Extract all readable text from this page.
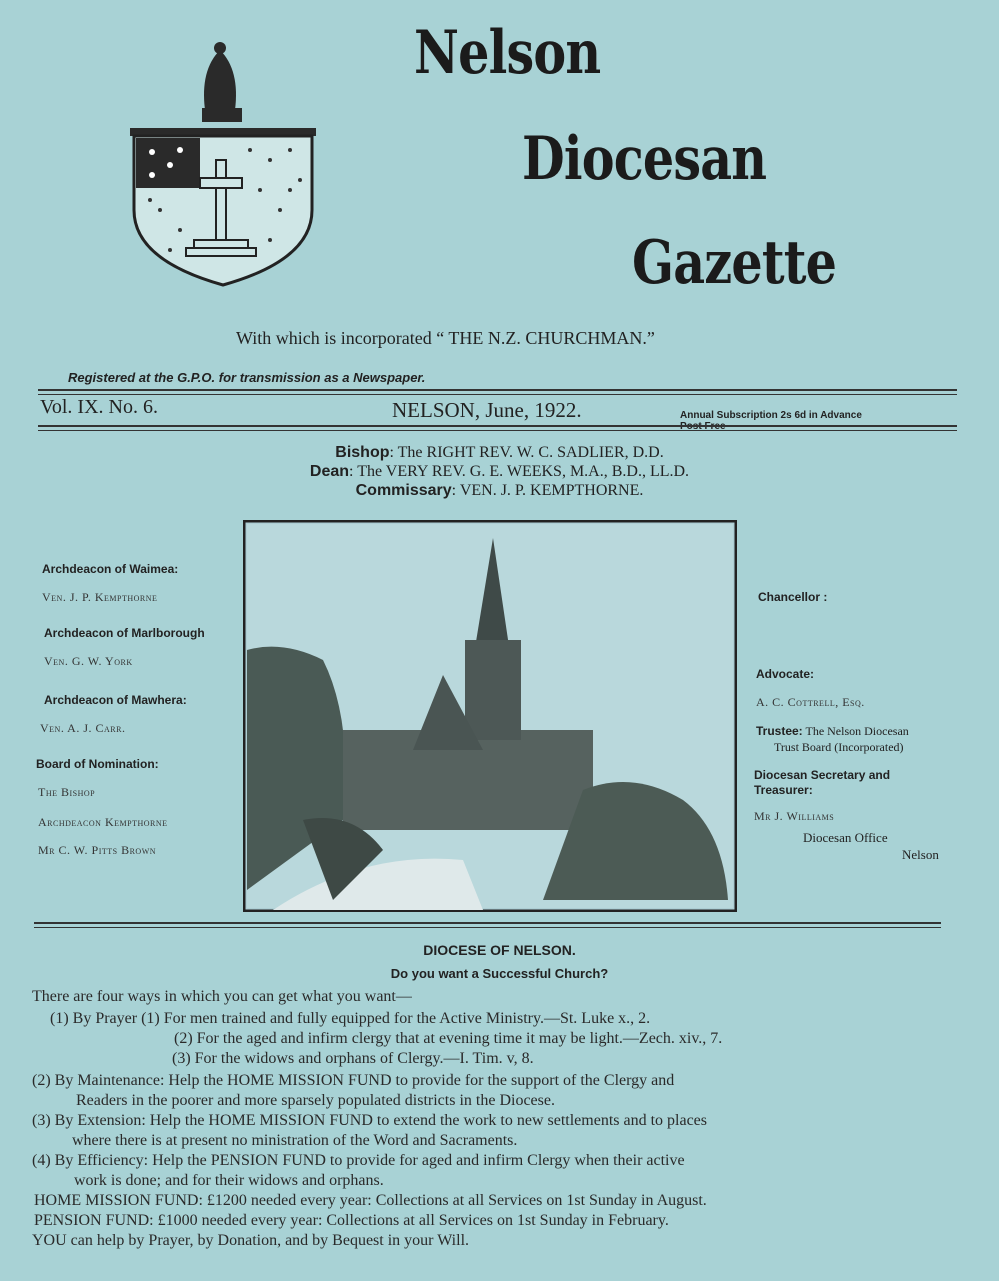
Nelson
Diocesan
Gazette
With which is incorporated “ THE N.Z. CHURCHMAN.”
Registered at the G.P.O. for transmission as a Newspaper.
Vol. IX. No. 6.	NELSON, June, 1922.	Annual Subscription 2s 6d in Advance
Post Free
Bishop: The RIGHT REV. W. C. SADLIER, D.D.
Dean: The VERY REV. G. E. WEEKS, M.A., B.D., LL.D.
Commissary: VEN. J. P. KEMPTHORNE.
Archdeacon of Waimea:
Ven. J. P. Kempthorne
Archdeacon of Marlborough
Ven. G. W. York
Archdeacon of Mawhera:
Ven. A. J. Carr.
Board of Nomination:
The Bishop
Archdeacon Kempthorne
Mr C. W. Pitts Brown
Chancellor :
Advocate:
A. C. Cottrell, Esq.
Trustee: The Nelson Diocesan
Trust Board (Incorporated)
Diocesan Secretary and
Treasurer:
Mr J. Williams
Diocesan Office
Nelson
DIOCESE OF NELSON.
Do you want a Successful Church?
There are four ways in which you can get what you want—
(1) By Prayer (1) For men trained and fully equipped for the Active Ministry.—St. Luke x., 2.
(2) For the aged and infirm clergy that at evening time it may be light.—Zech. xiv., 7.
(3) For the widows and orphans of Clergy.—I. Tim. v, 8.
(2) By Maintenance: Help the HOME MISSION FUND to provide for the support of the Clergy and
Readers in the poorer and more sparsely populated districts in the Diocese.
(3) By Extension: Help the HOME MISSION FUND to extend the work to new settlements and to places
where there is at present no ministration of the Word and Sacraments.
(4) By Efficiency: Help the PENSION FUND to provide for aged and infirm Clergy when their active
work is done; and for their widows and orphans.
HOME MISSION FUND: £1200 needed every year: Collections at all Services on 1st Sunday in August.
PENSION FUND: £1000 needed every year: Collections at all Services on 1st Sunday in February.
YOU can help by Prayer, by Donation, and by Bequest in your Will.
